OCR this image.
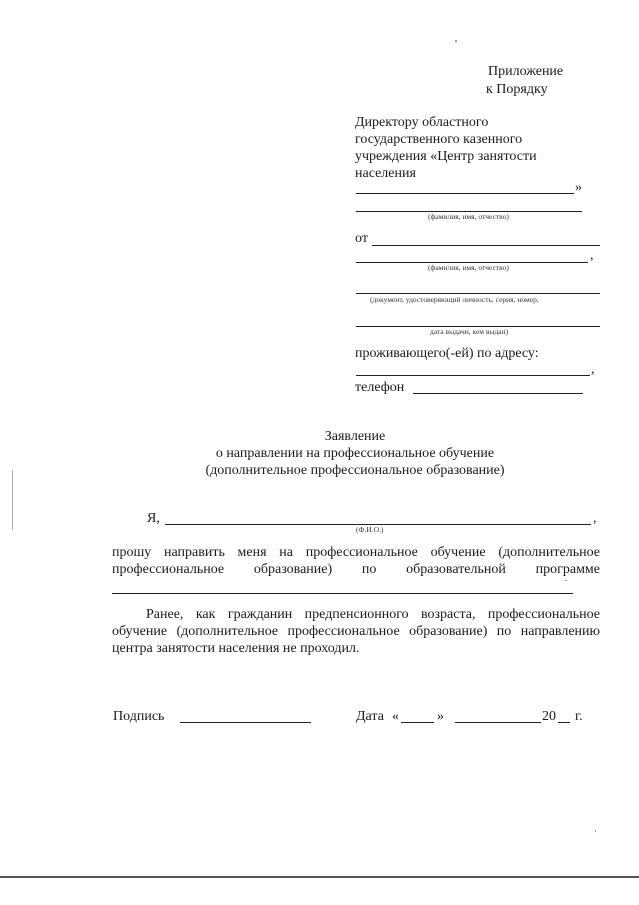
Приложение
к Порядку
Директору областного
государственного казенного
учреждения «Центр занятости
населения
»
(фамилия, имя, отчество)
от
,
(фамилия, имя, отчество)
(документ, удостоверяющий личность, серия, номер,
дата выдачи, кем выдан)
проживающего(-ей) по адресу:
,
телефон
Заявление
о направлении на профессиональное обучение
(дополнительное профессиональное образование)
Я,	,
(Ф.И.О.)
прошу направить меня на профессиональное обучение (дополнительное
профессиональное образование) по образовательной программе
Ранее, как гражданин предпенсионного возраста, профессиональное
обучение (дополнительное профессиональное образование) по направлению
центра занятости населения не проходил.
Подпись	Дата «	»	20 г.
